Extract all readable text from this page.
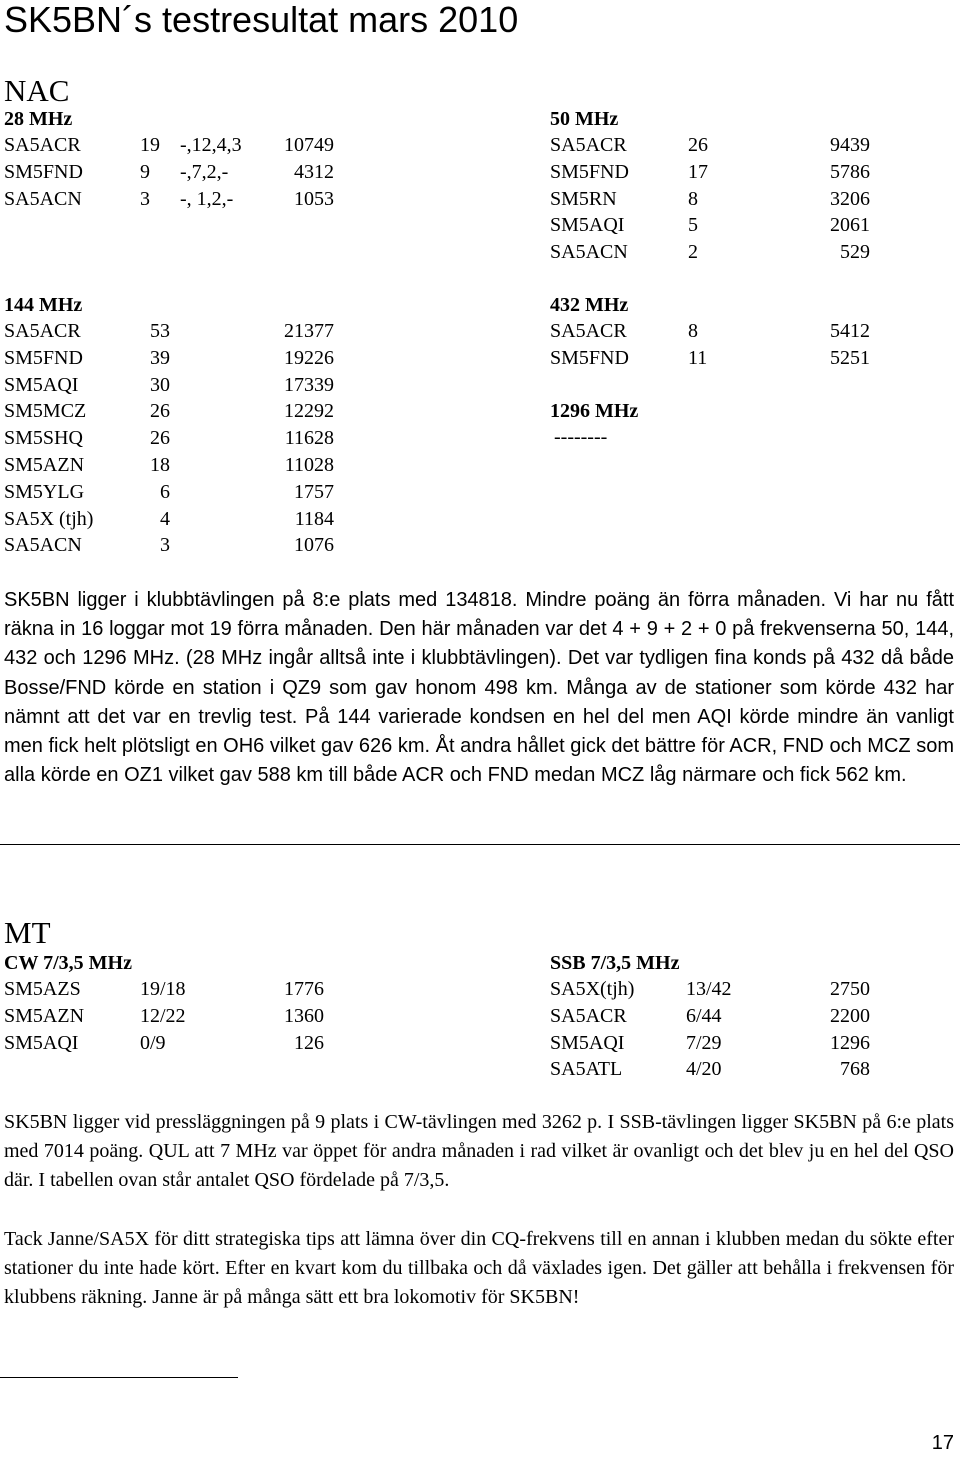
SK5BN´s testresultat mars 2010
NAC
28 MHz
SA5ACR	19	-,12,4,3	10749
SM5FND	9	-,7,2,-	4312
SA5ACN	3	-, 1,2,-	1053
50 MHz
SA5ACR	26	9439
SM5FND	17	5786
SM5RN	8	3206
SM5AQI	5	2061
SA5ACN	2	529
144 MHz
SA5ACR	53	21377
SM5FND	39	19226
SM5AQI	30	17339
SM5MCZ	26	12292
SM5SHQ	26	11628
SM5AZN	18	11028
SM5YLG	6	1757
SA5X (tjh)	4	1184
SA5ACN	3	1076
432 MHz
SA5ACR	8	5412
SM5FND	11	5251
1296 MHz
--------
SK5BN ligger i klubbtävlingen på 8:e plats med 134818. Mindre poäng än förra månaden. Vi har nu fått räkna in 16 loggar mot 19 förra månaden. Den här månaden var det 4 + 9 + 2 + 0 på frekvenserna 50, 144, 432 och 1296 MHz. (28 MHz ingår alltså inte i klubbtävlingen). Det var tydligen fina konds på 432 då både Bosse/FND körde en station i QZ9 som gav honom 498 km. Många av de stationer som körde 432 har nämnt att det var en trevlig test. På 144 varierade kondsen en hel del men AQI körde mindre än vanligt men fick helt plötsligt en OH6 vilket gav 626 km. Åt andra hållet gick det bättre för ACR, FND och MCZ som alla körde en OZ1 vilket gav 588 km till både ACR och FND medan MCZ låg närmare och fick 562 km.
MT
CW 7/3,5 MHz
SM5AZS	19/18	1776
SM5AZN	12/22	1360
SM5AQI	0/9	126
SSB 7/3,5 MHz
SA5X(tjh)	13/42	2750
SA5ACR	6/44	2200
SM5AQI	7/29	1296
SA5ATL	4/20	768
SK5BN ligger vid pressläggningen på 9 plats i CW-tävlingen med 3262 p. I SSB-tävlingen ligger SK5BN på 6:e plats med 7014 poäng. QUL att 7 MHz var öppet för andra månaden i rad vilket är ovanligt och det blev ju en hel del QSO där. I tabellen ovan står antalet QSO fördelade på 7/3,5.
Tack Janne/SA5X för ditt strategiska tips att lämna över din CQ-frekvens till en annan i klubben medan du sökte efter stationer du inte hade kört. Efter en kvart kom du tillbaka och då växlades igen. Det gäller att behålla i frekvensen för klubbens räkning. Janne är på många sätt ett bra lokomotiv för SK5BN!
17
